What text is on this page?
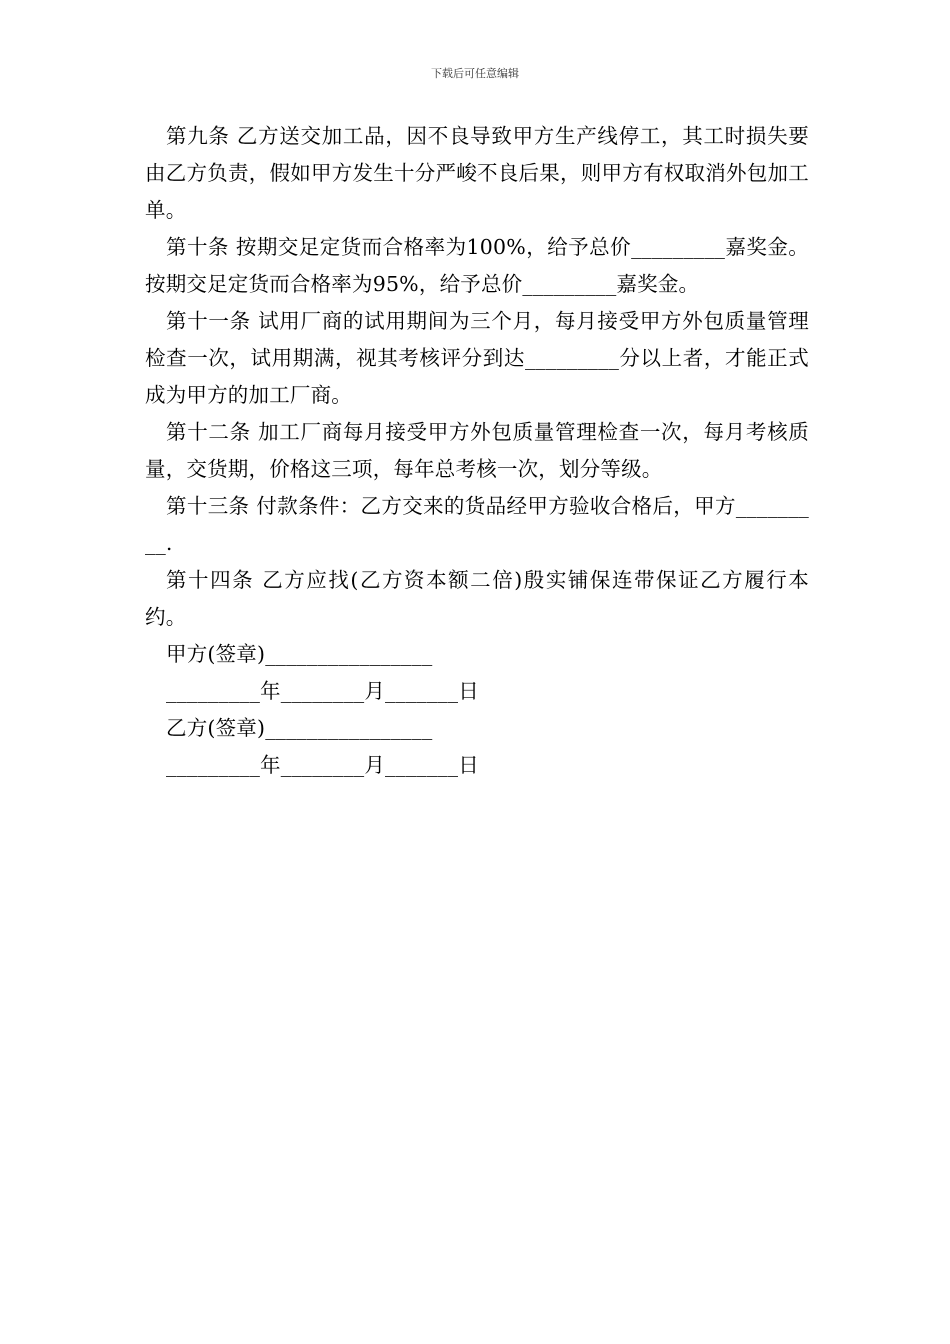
下载后可任意编辑

第九条 乙方送交加工品，因不良导致甲方生产线停工，其工时损失要由乙方负责，假如甲方发生十分严峻不良后果，则甲方有权取消外包加工单。

第十条 按期交足定货而合格率为100%，给予总价_________嘉奖金。按期交足定货而合格率为95%，给予总价_________嘉奖金。

第十一条 试用厂商的试用期间为三个月，每月接受甲方外包质量管理检查一次，试用期满，视其考核评分到达_________分以上者，才能正式成为甲方的加工厂商。

第十二条 加工厂商每月接受甲方外包质量管理检查一次，每月考核质量，交货期，价格这三项，每年总考核一次，划分等级。

第十三条 付款条件：乙方交来的货品经甲方验收合格后，甲方_________.

第十四条 乙方应找(乙方资本额二倍)殷实铺保连带保证乙方履行本约。

甲方(签章)________________

_________年________月_______日

乙方(签章)________________

_________年________月_______日
